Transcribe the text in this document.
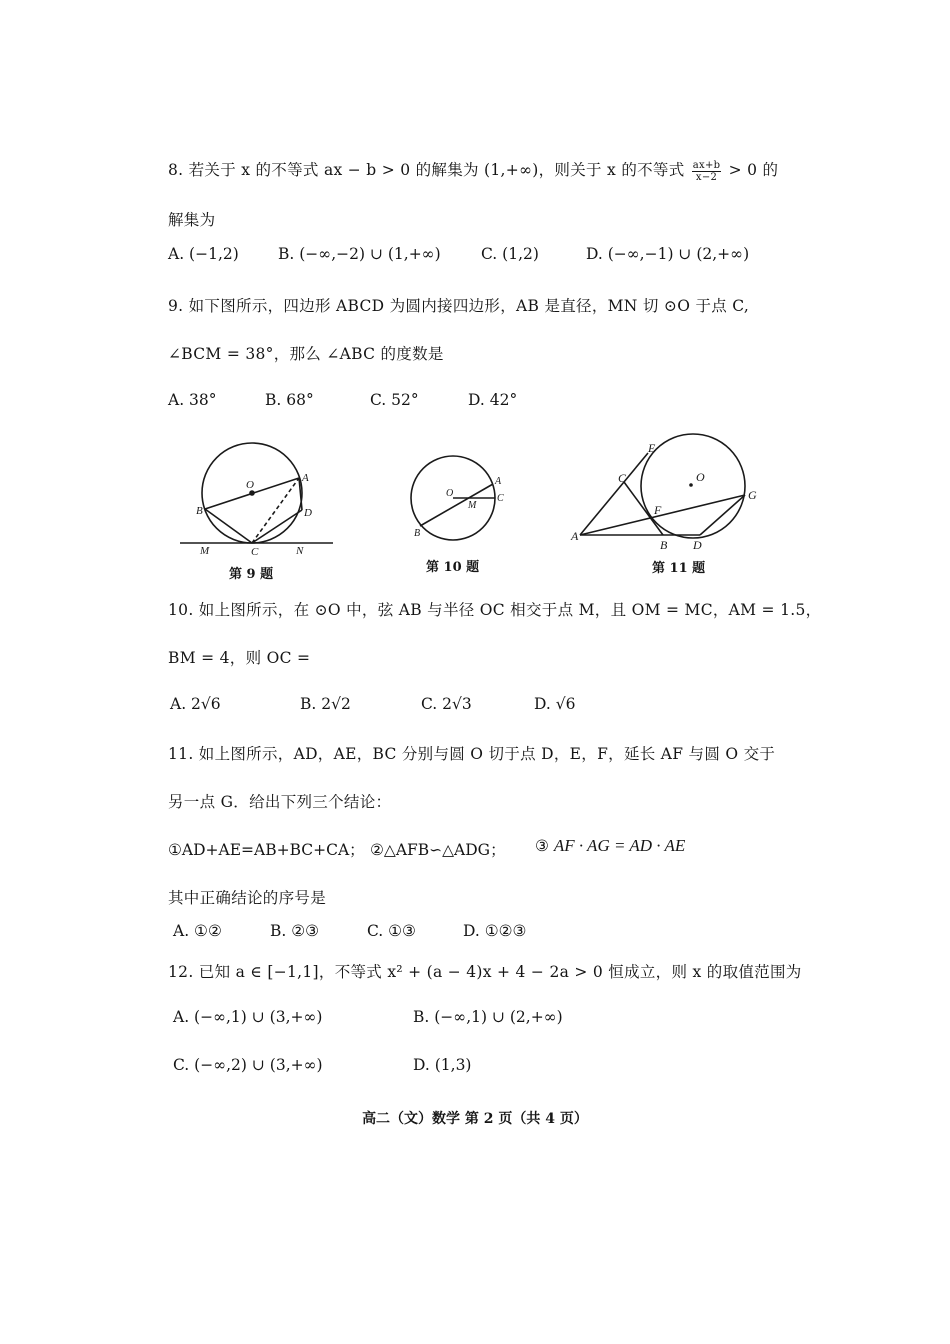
8. 若关于 x 的不等式 ax − b > 0 的解集为 (1,+∞)，则关于 x 的不等式 $\frac{ax+b}{x-2} > 0$ 的
解集为
A. (−1,2)	B. (−∞,−2) ∪ (1,+∞)	C. (1,2)	D. (−∞,−1) ∪ (2,+∞)
9. 如下图所示，四边形 ABCD 为圆内接四边形，AB 是直径，MN 切 ⊙O 于点 C,
∠BCM = 38°，那么 ∠ABC 的度数是
A. 38°	B. 68°	C. 52°	D. 42°
O
A
B	D
C
M	N
O
A
B
C
M
E
C	O
G
F
A
B D
第 9 题	第 10 题	第 11 题
10. 如上图所示，在 ⊙O 中，弦 AB 与半径 OC 相交于点 M，且 OM = MC，AM = 1.5，
BM = 4，则 OC =
A. 2√6	B. 2√2	C. 2√3	D. √6
11. 如上图所示，AD，AE，BC 分别与圆 O 切于点 D，E，F，延长 AF 与圆 O 交于
另一点 G．给出下列三个结论：
①AD+AE=AB+BC+CA； ②△AFB∽△ADG； ③ AF · AG = AD · AE
其中正确结论的序号是
A. ①②	B. ②③	C. ①③	D. ①②③
12. 已知 a ∈ [−1,1]，不等式 x² + (a − 4)x + 4 − 2a > 0 恒成立，则 x 的取值范围为
A. (−∞,1) ∪ (3,+∞)	B. (−∞,1) ∪ (2,+∞)
C. (−∞,2) ∪ (3,+∞)	D. (1,3)
高二（文）数学 第 2 页（共 4 页）
